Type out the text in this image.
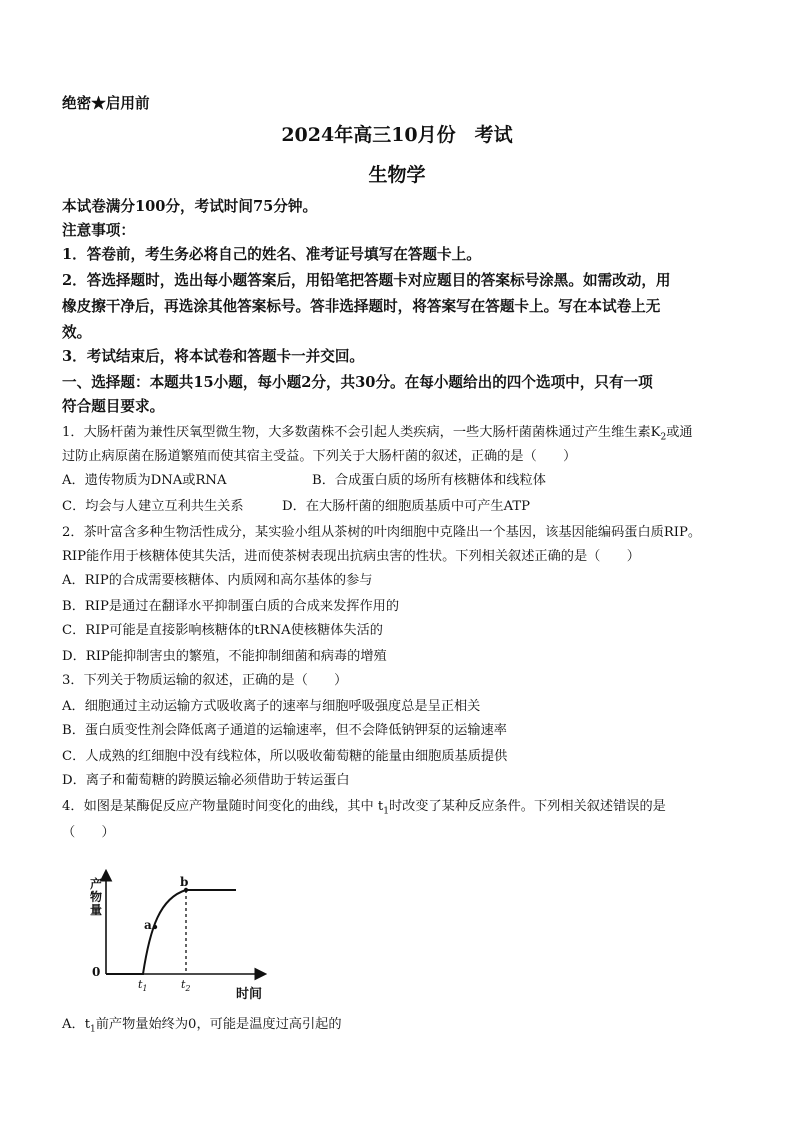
绝密★启用前
2024年高三10月份　考试
生物学
本试卷满分100分，考试时间75分钟。
注意事项：
1．答卷前，考生务必将自己的姓名、准考证号填写在答题卡上。
2．答选择题时，选出每小题答案后，用铅笔把答题卡对应题目的答案标号涂黑。如需改动，用
橡皮擦干净后，再选涂其他答案标号。答非选择题时，将答案写在答题卡上。写在本试卷上无
效。
3．考试结束后，将本试卷和答题卡一并交回。
一、选择题：本题共15小题，每小题2分，共30分。在每小题给出的四个选项中，只有一项
符合题目要求。
1．大肠杆菌为兼性厌氧型微生物，大多数菌株不会引起人类疾病，一些大肠杆菌菌株通过产生维生素$K_2$或通
过防止病原菌在肠道繁殖而使其宿主受益。下列关于大肠杆菌的叙述，正确的是（　　）
A．遗传物质为DNA或RNA	B．合成蛋白质的场所有核糖体和线粒体
C．均会与人建立互利共生关系	D．在大肠杆菌的细胞质基质中可产生ATP
2．茶叶富含多种生物活性成分，某实验小组从茶树的叶肉细胞中克隆出一个基因，该基因能编码蛋白质RIP。
RIP能作用于核糖体使其失活，进而使茶树表现出抗病虫害的性状。下列相关叙述正确的是（　　）
A．RIP的合成需要核糖体、内质网和高尔基体的参与
B．RIP是通过在翻译水平抑制蛋白质的合成来发挥作用的
C．RIP可能是直接影响核糖体的tRNA使核糖体失活的
D．RIP能抑制害虫的繁殖，不能抑制细菌和病毒的增殖
3．下列关于物质运输的叙述，正确的是（　　）
A．细胞通过主动运输方式吸收离子的速率与细胞呼吸强度总是呈正相关
B．蛋白质变性剂会降低离子通道的运输速率，但不会降低钠钾泵的运输速率
C．人成熟的红细胞中没有线粒体，所以吸收葡萄糖的能量由细胞质基质提供
D．离子和葡萄糖的跨膜运输必须借助于转运蛋白
4．如图是某酶促反应产物量随时间变化的曲线，其中 $t_1$时改变了某种反应条件。下列相关叙述错误的是
（　　）
产 物 量
0
a
b
$t_1$	$t_2$	时间
A．$t_1$前产物量始终为0，可能是温度过高引起的
